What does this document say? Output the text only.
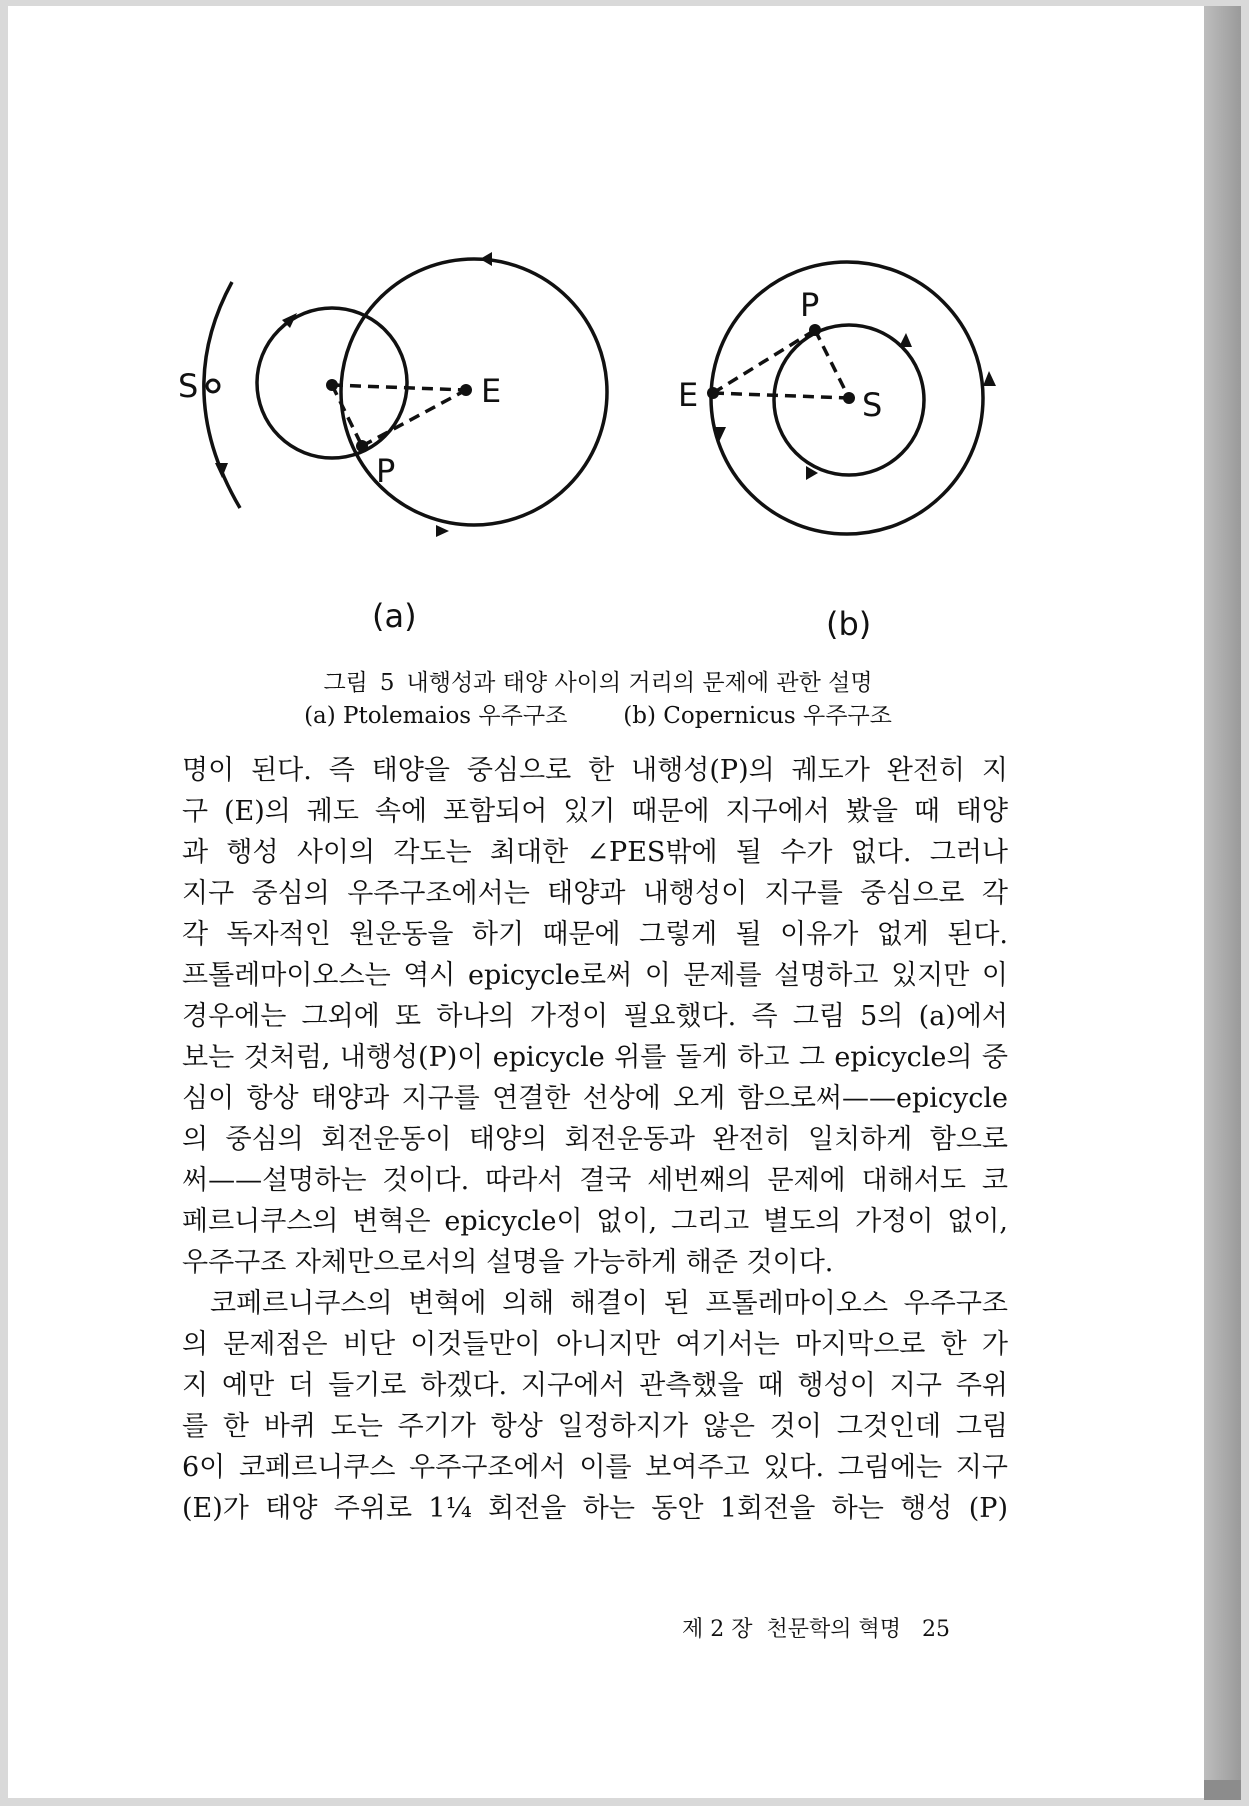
S	E
P
E	S
P
(a)	(b)
그림 5 내행성과 태양 사이의 거리의 문제에 관한 설명
(a) Ptolemaios 우주구조 (b) Copernicus 우주구조
명이 된다. 즉 태양을 중심으로 한 내행성(P)의 궤도가 완전히 지
구 (E)의 궤도 속에 포함되어 있기 때문에 지구에서 봤을 때 태양
과 행성 사이의 각도는 최대한 ∠PES밖에 될 수가 없다. 그러나
지구 중심의 우주구조에서는 태양과 내행성이 지구를 중심으로 각
각 독자적인 원운동을 하기 때문에 그렇게 될 이유가 없게 된다.
프톨레마이오스는 역시 epicycle로써 이 문제를 설명하고 있지만 이
경우에는 그외에 또 하나의 가정이 필요했다. 즉 그림 5의 (a)에서
보는 것처럼, 내행성(P)이 epicycle 위를 돌게 하고 그 epicycle의 중
심이 항상 태양과 지구를 연결한 선상에 오게 함으로써——epicycle
의 중심의 회전운동이 태양의 회전운동과 완전히 일치하게 함으로
써——설명하는 것이다. 따라서 결국 세번째의 문제에 대해서도 코
페르니쿠스의 변혁은 epicycle이 없이, 그리고 별도의 가정이 없이,
우주구조 자체만으로서의 설명을 가능하게 해준 것이다.
코페르니쿠스의 변혁에 의해 해결이 된 프톨레마이오스 우주구조
의 문제점은 비단 이것들만이 아니지만 여기서는 마지막으로 한 가
지 예만 더 들기로 하겠다. 지구에서 관측했을 때 행성이 지구 주위
를 한 바퀴 도는 주기가 항상 일정하지가 않은 것이 그것인데 그림
6이 코페르니쿠스 우주구조에서 이를 보여주고 있다. 그림에는 지구
(E)가 태양 주위로 1¼ 회전을 하는 동안 1회전을 하는 행성 (P)
제 2 장 천문학의 혁명 25
